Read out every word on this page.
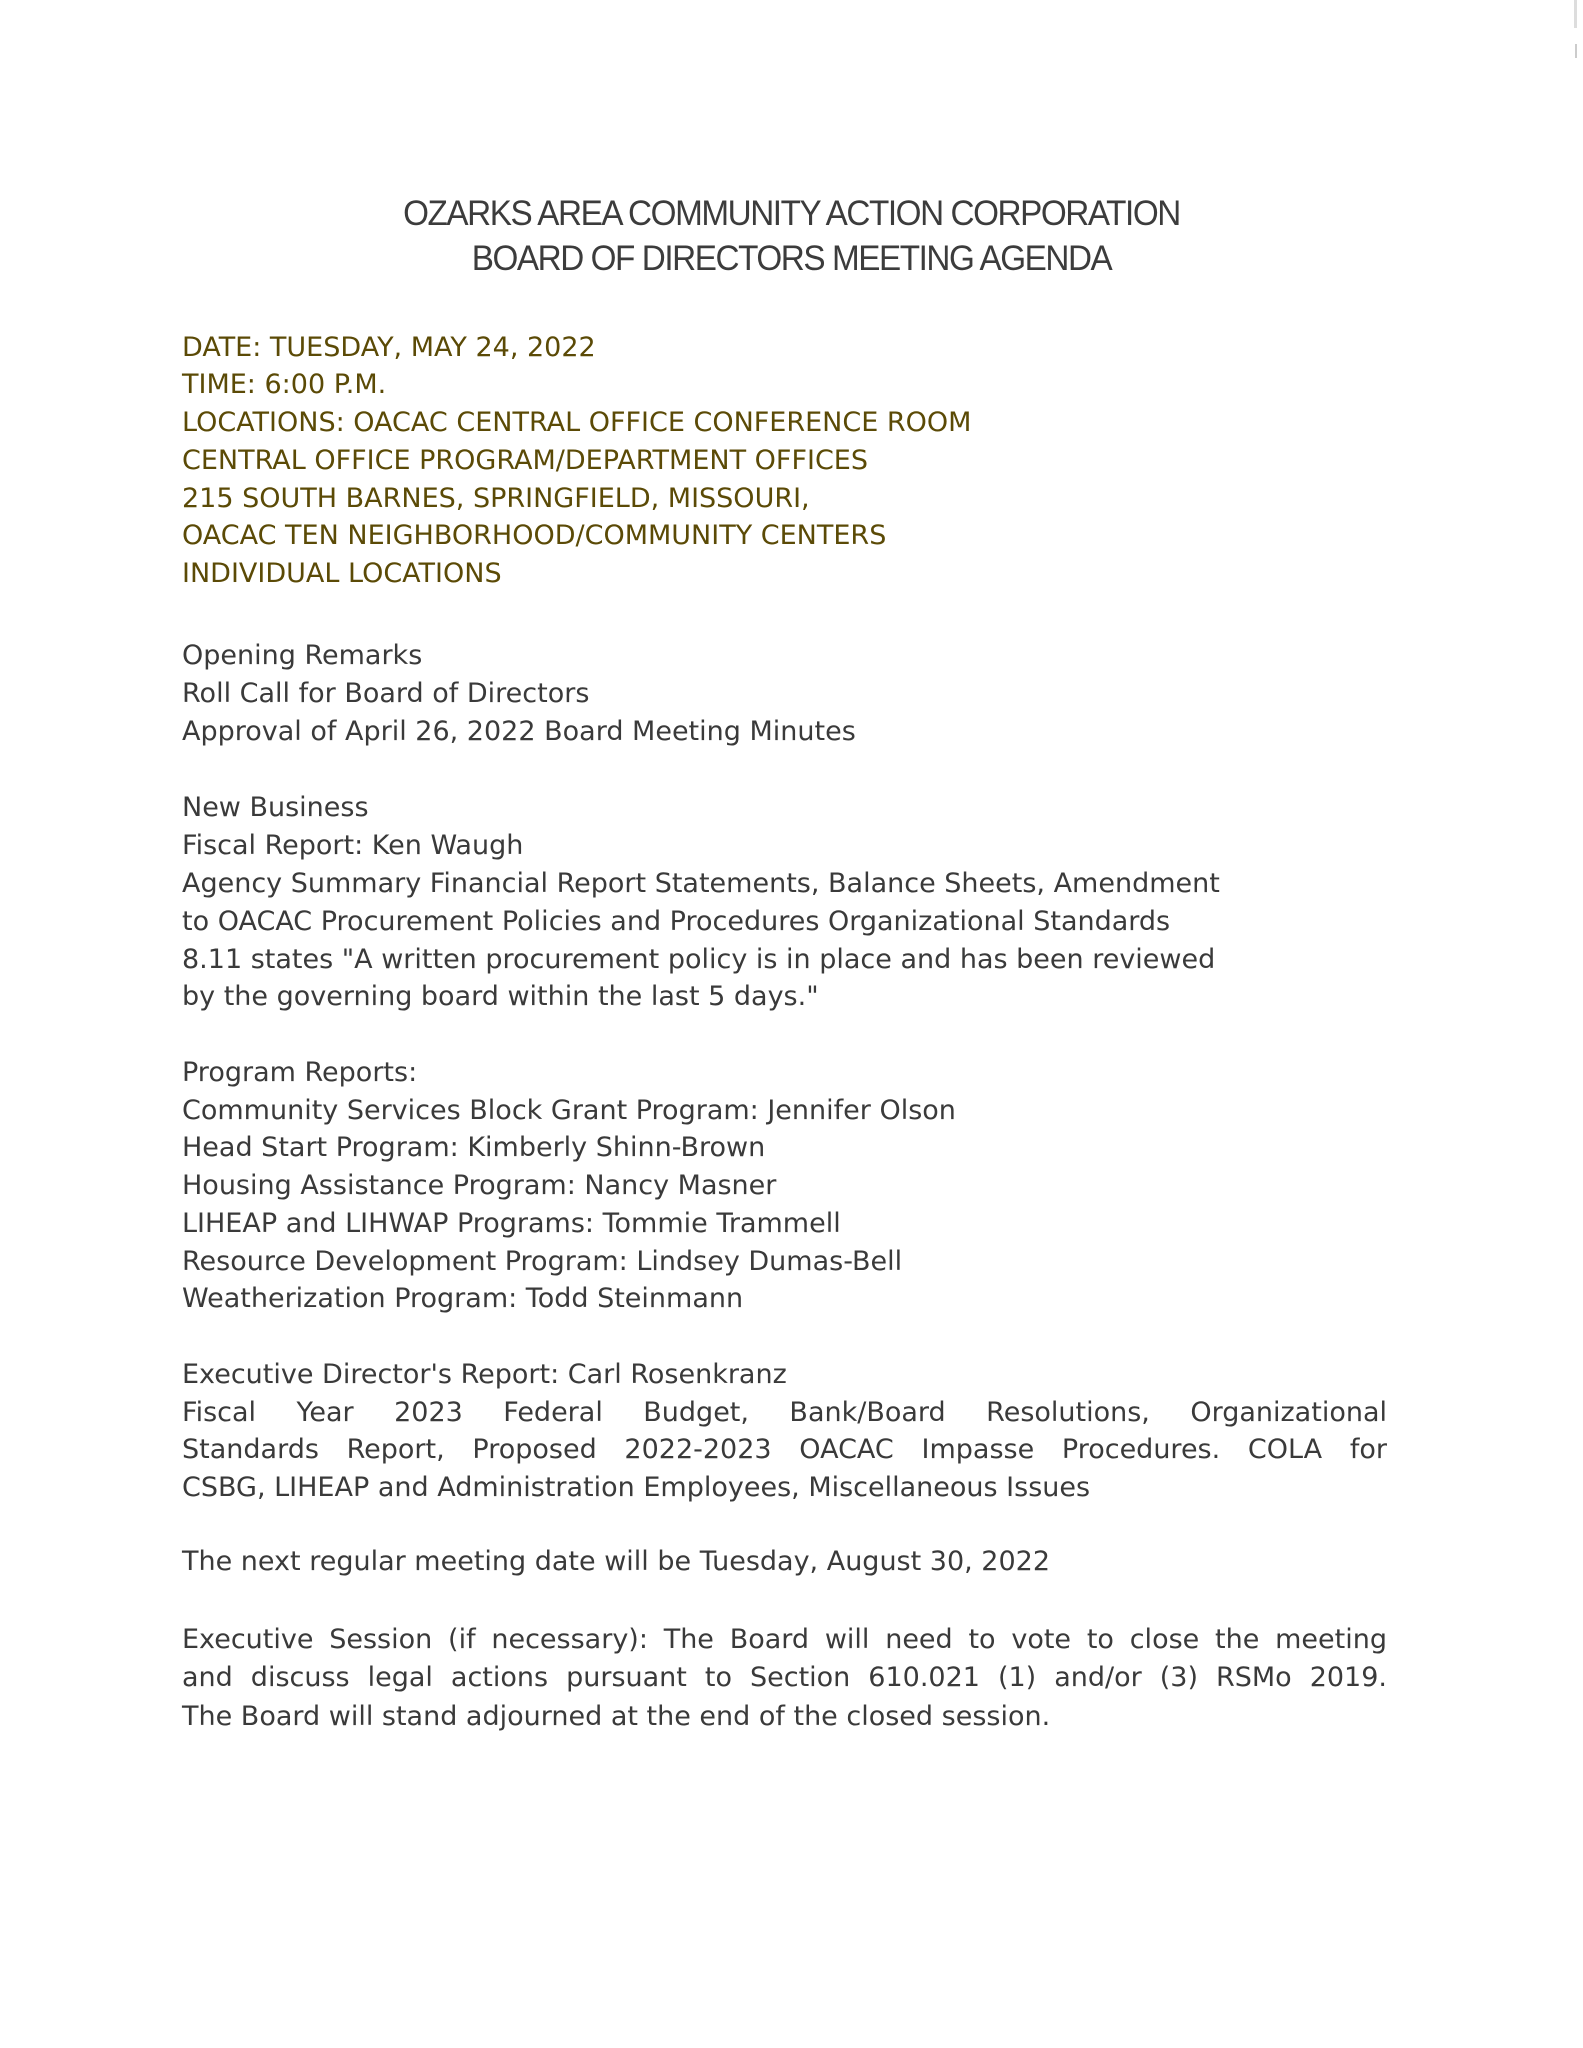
OZARKS AREA COMMUNITY ACTION CORPORATION
BOARD OF DIRECTORS MEETING AGENDA
DATE: TUESDAY, MAY 24, 2022
TIME: 6:00 P.M.
LOCATIONS: OACAC CENTRAL OFFICE CONFERENCE ROOM
CENTRAL OFFICE PROGRAM/DEPARTMENT OFFICES
215 SOUTH BARNES, SPRINGFIELD, MISSOURI,
OACAC TEN NEIGHBORHOOD/COMMUNITY CENTERS
INDIVIDUAL LOCATIONS
Opening Remarks
Roll Call for Board of Directors
Approval of April 26, 2022 Board Meeting Minutes
New Business
Fiscal Report: Ken Waugh
Agency Summary Financial Report Statements, Balance Sheets, Amendment
to OACAC Procurement Policies and Procedures Organizational Standards
8.11 states "A written procurement policy is in place and has been reviewed
by the governing board within the last 5 days."
Program Reports:
Community Services Block Grant Program: Jennifer Olson
Head Start Program: Kimberly Shinn-Brown
Housing Assistance Program: Nancy Masner
LIHEAP and LIHWAP Programs: Tommie Trammell
Resource Development Program: Lindsey Dumas-Bell
Weatherization Program: Todd Steinmann
Executive Director's Report: Carl Rosenkranz
Fiscal Year 2023 Federal Budget, Bank/Board Resolutions, Organizational
Standards Report, Proposed 2022-2023 OACAC Impasse Procedures. COLA for
CSBG, LIHEAP and Administration Employees, Miscellaneous Issues
Executive Session (if necessary): The Board will need to vote to close the meeting
and discuss legal actions pursuant to Section 610.021 (1) and/or (3) RSMo 2019.
The Board will stand adjourned at the end of the closed session.
The next regular meeting date will be Tuesday, August 30, 2022
